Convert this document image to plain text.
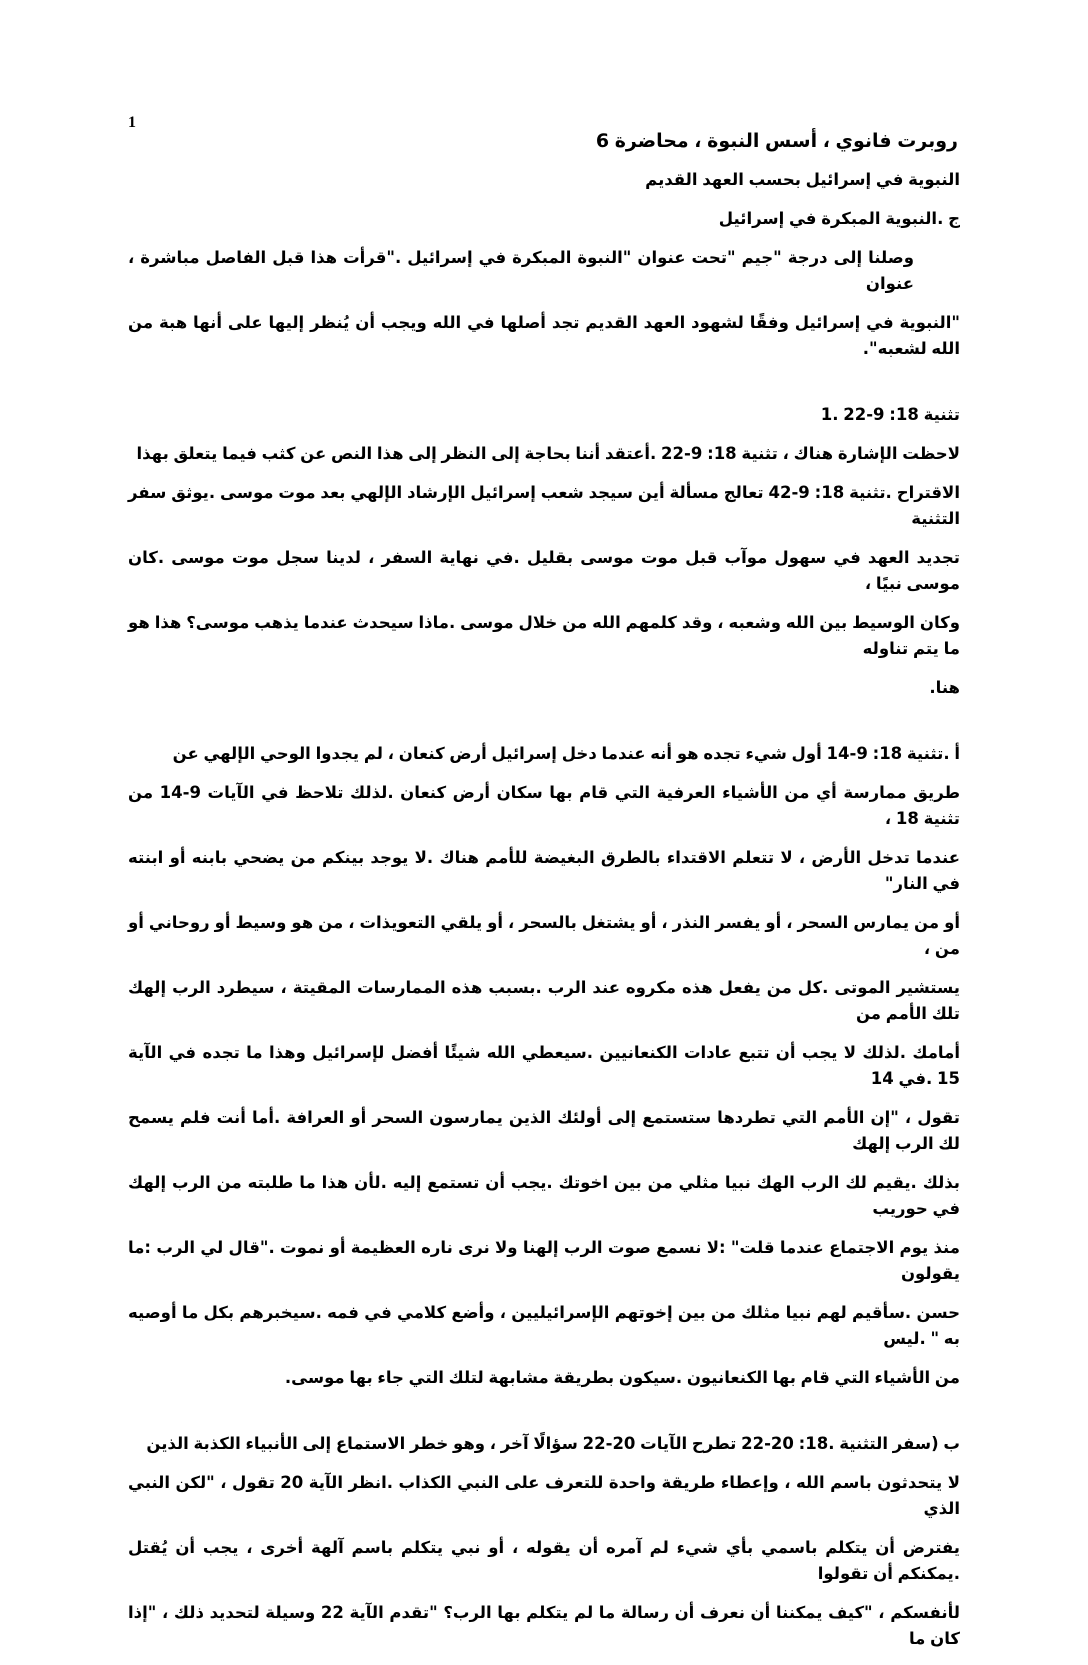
1
روبرت فانوي ، أسس النبوة ، محاضرة 6
النبوية في إسرائيل بحسب العهد القديم
ج .النبوية المبكرة في إسرائيل
وصلنا إلى درجة "جيم "تحت عنوان "النبوة المبكرة في إسرائيل ."قرأت هذا قبل الفاصل مباشرة ، عنوان
"النبوية في إسرائيل وفقًا لشهود العهد القديم تجد أصلها في الله ويجب أن يُنظر إليها على أنها هبة من الله لشعبه".
تثنية 18: 9-22 .1
لاحظت الإشارة هناك ، تثنية 18: 9-22 .أعتقد أننا بحاجة إلى النظر إلى هذا النص عن كثب فيما يتعلق بهذا
الاقتراح .تثنية 18: 9-42 تعالج مسألة أين سيجد شعب إسرائيل الإرشاد الإلهي بعد موت موسى .يوثق سفر التثنية
تجديد العهد في سهول موآب قبل موت موسى بقليل .في نهاية السفر ، لدينا سجل موت موسى .كان موسى نبيًا ،
وكان الوسيط بين الله وشعبه ، وقد كلمهم الله من خلال موسى .ماذا سيحدث عندما يذهب موسى؟ هذا هو ما يتم تناوله
هنا.
أ .تثنية 18: 9-14 أول شيء تجده هو أنه عندما دخل إسرائيل أرض كنعان ، لم يجدوا الوحي الإلهي عن
طريق ممارسة أي من الأشياء العرفية التي قام بها سكان أرض كنعان .لذلك تلاحظ في الآيات 9-14 من تثنية 18 ،
عندما تدخل الأرض ، لا تتعلم الاقتداء بالطرق البغيضة للأمم هناك .لا يوجد بينكم من يضحي بابنه أو ابنته في النار"
أو من يمارس السحر ، أو يفسر النذر ، أو يشتغل بالسحر ، أو يلقي التعويذات ، من هو وسيط أو روحاني أو من ،
يستشير الموتى .كل من يفعل هذه مكروه عند الرب .بسبب هذه الممارسات المقيتة ، سيطرد الرب إلهك تلك الأمم من
أمامك .لذلك لا يجب أن تتبع عادات الكنعانيين .سيعطي الله شيئًا أفضل لإسرائيل وهذا ما تجده في الآية 15 .في 14
تقول ، "إن الأمم التي تطردها ستستمع إلى أولئك الذين يمارسون السحر أو العرافة .أما أنت فلم يسمح لك الرب إلهك
بذلك .يقيم لك الرب الهك نبيا مثلي من بين اخوتك .يجب أن تستمع إليه .لأن هذا ما طلبته من الرب إلهك في حوريب
منذ يوم الاجتماع عندما قلت" :لا نسمع صوت الرب إلهنا ولا نرى ناره العظيمة أو نموت ."قال لي الرب :ما يقولون
حسن .سأقيم لهم نبيا مثلك من بين إخوتهم الإسرائيليين ، وأضع كلامي في فمه .سيخبرهم بكل ما أوصيه به " .ليس
من الأشياء التي قام بها الكنعانيون .سيكون بطريقة مشابهة لتلك التي جاء بها موسى.
ب (سفر التثنية .18: 20-22 تطرح الآيات 20-22 سؤالًا آخر ، وهو خطر الاستماع إلى الأنبياء الكذبة الذين
لا يتحدثون باسم الله ، وإعطاء طريقة واحدة للتعرف على النبي الكذاب .انظر الآية 20 تقول ، "لكن النبي الذي
يفترض أن يتكلم باسمي بأي شيء لم آمره أن يقوله ، أو نبي يتكلم باسم آلهة أخرى ، يجب أن يُقتل .يمكنكم أن تقولوا
لأنفسكم ، "كيف يمكننا أن نعرف أن رسالة ما لم يتكلم بها الرب؟ "تقدم الآية 22 وسيلة لتحديد ذلك ، "إذا كان ما
